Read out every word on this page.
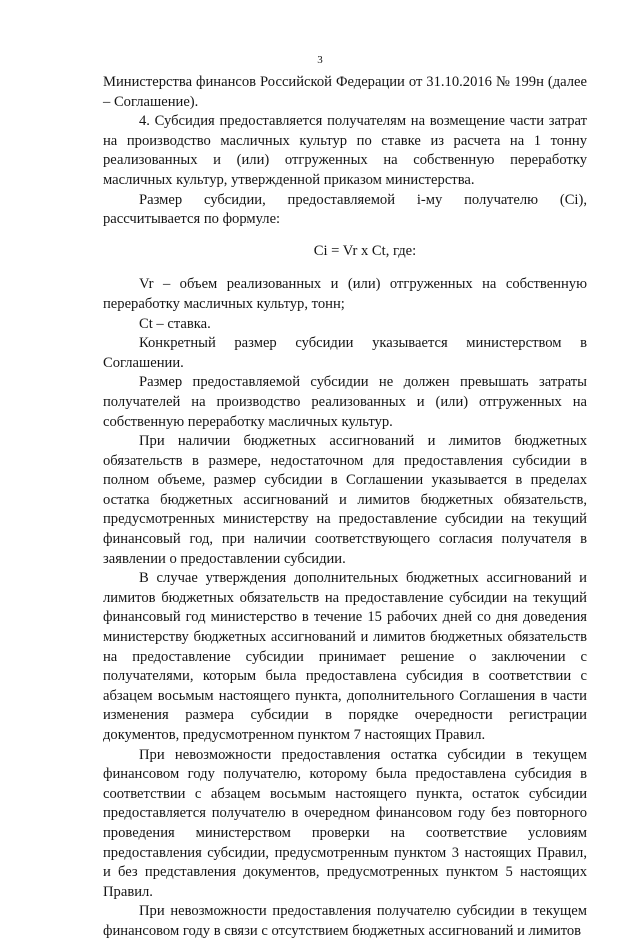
3

Министерства финансов Российской Федерации от 31.10.2016 № 199н (далее – Соглашение).

4. Субсидия предоставляется получателям на возмещение части затрат на производство масличных культур по ставке из расчета на 1 тонну реализованных и (или) отгруженных на собственную переработку масличных культур, утвержденной приказом министерства.

Размер субсидии, предоставляемой i-му получателю (Ci), рассчитывается по формуле:

Ci = Vr x Ct, где:

Vr – объем реализованных и (или) отгруженных на собственную переработку масличных культур, тонн;

Ct – ставка.

Конкретный размер субсидии указывается министерством в Соглашении.

Размер предоставляемой субсидии не должен превышать затраты получателей на производство реализованных и (или) отгруженных на собственную переработку масличных культур.

При наличии бюджетных ассигнований и лимитов бюджетных обязательств в размере, недостаточном для предоставления субсидии в полном объеме, размер субсидии в Соглашении указывается в пределах остатка бюджетных ассигнований и лимитов бюджетных обязательств, предусмотренных министерству на предоставление субсидии на текущий финансовый год, при наличии соответствующего согласия получателя в заявлении о предоставлении субсидии.

В случае утверждения дополнительных бюджетных ассигнований и лимитов бюджетных обязательств на предоставление субсидии на текущий финансовый год министерство в течение 15 рабочих дней со дня доведения министерству бюджетных ассигнований и лимитов бюджетных обязательств на предоставление субсидии принимает решение о заключении с получателями, которым была предоставлена субсидия в соответствии с абзацем восьмым настоящего пункта, дополнительного Соглашения в части изменения размера субсидии в порядке очередности регистрации документов, предусмотренном пунктом 7 настоящих Правил.

При невозможности предоставления остатка субсидии в текущем финансовом году получателю, которому была предоставлена субсидия в соответствии с абзацем восьмым настоящего пункта, остаток субсидии предоставляется получателю в очередном финансовом году без повторного проведения министерством проверки на соответствие условиям предоставления субсидии, предусмотренным пунктом 3 настоящих Правил, и без представления документов, предусмотренных пунктом 5 настоящих Правил.

При невозможности предоставления получателю субсидии в текущем финансовом году в связи с отсутствием бюджетных ассигнований и лимитов
